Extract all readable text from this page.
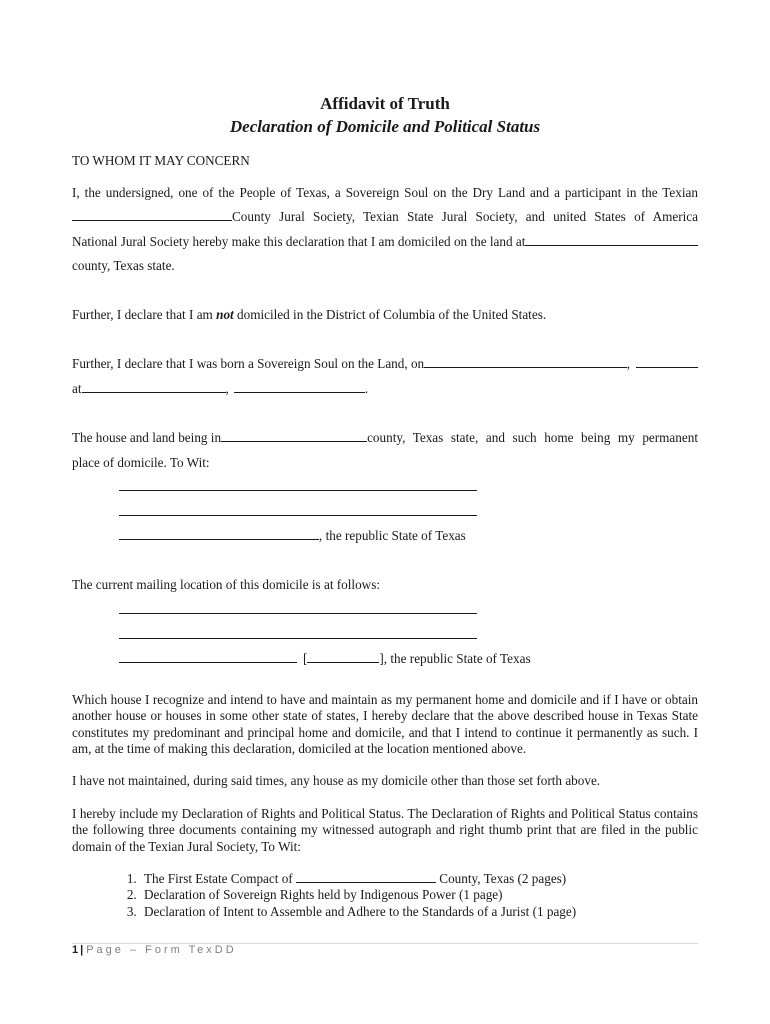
Affidavit of Truth

Declaration of Domicile and Political Status

TO WHOM IT MAY CONCERN

I, the undersigned, one of the People of Texas, a Sovereign Soul on the Dry Land and a participant in the Texian
County Jural Society, Texian State Jural Society, and united States of America
National Jural Society hereby make this declaration that I am domiciled on the land at
county, Texas state.
Further, I declare that I am not domiciled in the District of Columbia of the United States.
Further, I declare that I was born a Sovereign Soul on the Land, on	,
at	,	.
The house and land being in	county, Texas state, and such home being my permanent
place of domicile. To Wit:
, the republic State of Texas
The current mailing location of this domicile is at follows:
[	], the republic State of Texas
Which house I recognize and intend to have and maintain as my permanent home and domicile and if I have or obtain another house or houses in some other state of states, I hereby declare that the above described house in Texas State constitutes my predominant and principal home and domicile, and that I intend to continue it permanently as such. I am, at the time of making this declaration, domiciled at the location mentioned above.
I have not maintained, during said times, any house as my domicile other than those set forth above.
I hereby include my Declaration of Rights and Political Status. The Declaration of Rights and Political Status contains the following three documents containing my witnessed autograph and right thumb print that are filed in the public domain of the Texian Jural Society, To Wit:
1. The First Estate Compact of	County, Texas (2 pages)
2. Declaration of Sovereign Rights held by Indigenous Power (1 page)
3. Declaration of Intent to Assemble and Adhere to the Standards of a Jurist (1 page)
1 | Page – Form TexDD
